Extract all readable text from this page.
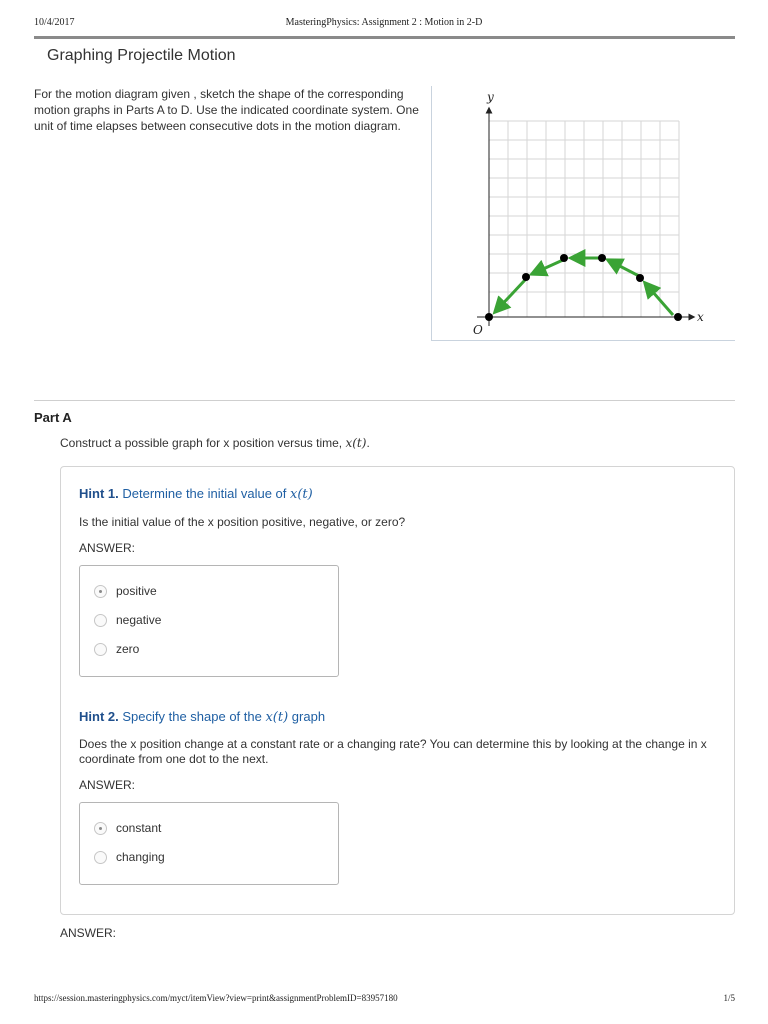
10/4/2017	MasteringPhysics: Assignment 2 : Motion in 2-D
Graphing Projectile Motion
For the motion diagram given , sketch the shape of the corresponding motion graphs in Parts A to D. Use the indicated coordinate system. One unit of time elapses between consecutive dots in the motion diagram.
y
x
O
Part A
Construct a possible graph for x position versus time, x(t).
Hint 1. Determine the initial value of x(t)
Is the initial value of the x position positive, negative, or zero?
ANSWER:
positive
negative
zero
Hint 2. Specify the shape of the x(t) graph
Does the x position change at a constant rate or a changing rate? You can determine this by looking at the change in x coordinate from one dot to the next.
ANSWER:
constant
changing
ANSWER:
https://session.masteringphysics.com/myct/itemView?view=print&assignmentProblemID=83957180	1/5
